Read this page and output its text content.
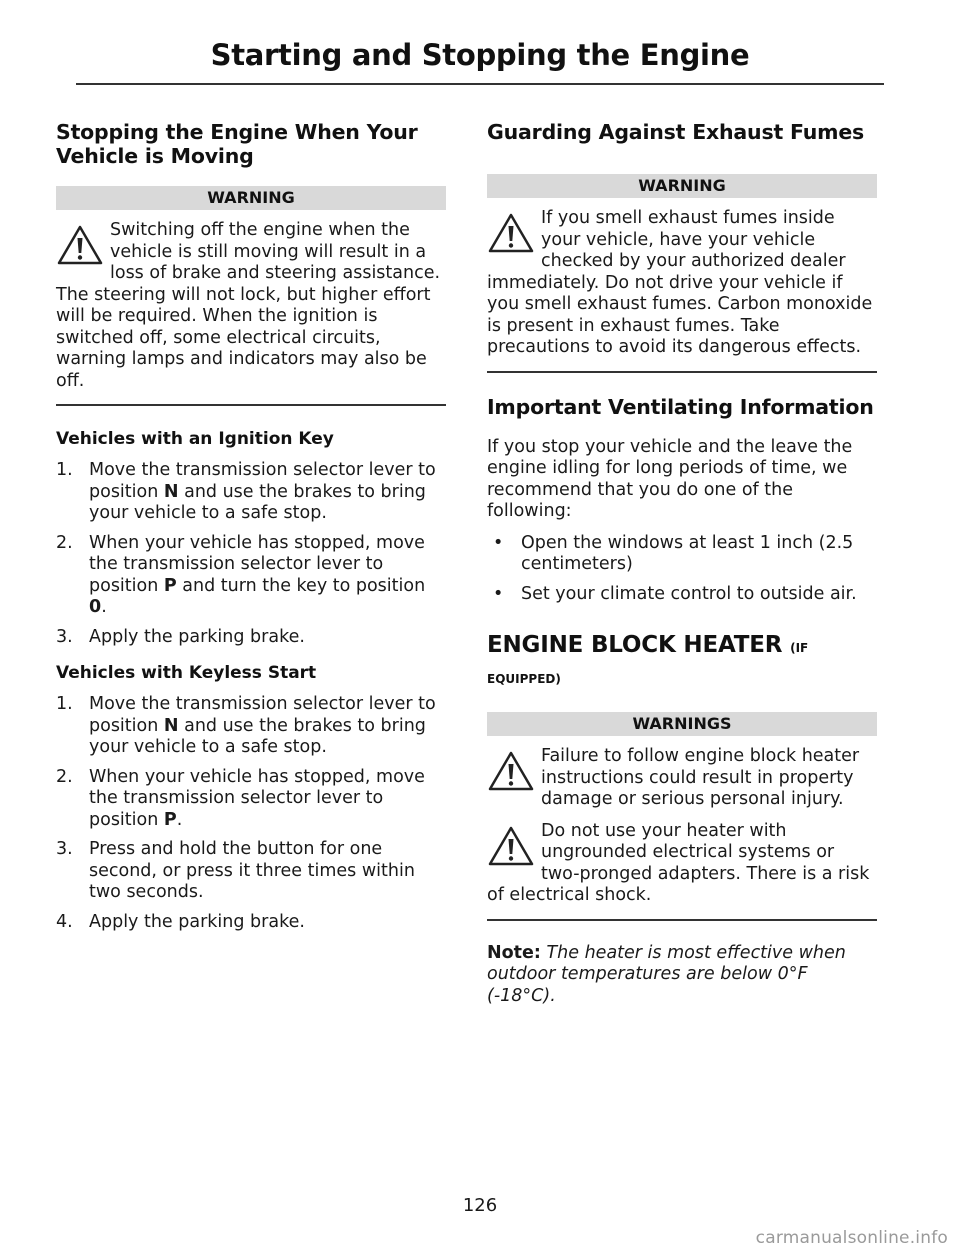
Starting and Stopping the Engine
Stopping the Engine When Your Vehicle is Moving
WARNING
Switching off the engine when the vehicle is still moving will result in a loss of brake and steering assistance. The steering will not lock, but higher effort will be required. When the ignition is switched off, some electrical circuits, warning lamps and indicators may also be off.
Vehicles with an Ignition Key
1. Move the transmission selector lever to position N and use the brakes to bring your vehicle to a safe stop.
2. When your vehicle has stopped, move the transmission selector lever to position P and turn the key to position 0.
3. Apply the parking brake.
Vehicles with Keyless Start
1. Move the transmission selector lever to position N and use the brakes to bring your vehicle to a safe stop.
2. When your vehicle has stopped, move the transmission selector lever to position P.
3. Press and hold the button for one second, or press it three times within two seconds.
4. Apply the parking brake.
Guarding Against Exhaust Fumes
WARNING
If you smell exhaust fumes inside your vehicle, have your vehicle checked by your authorized dealer immediately. Do not drive your vehicle if you smell exhaust fumes. Carbon monoxide is present in exhaust fumes. Take precautions to avoid its dangerous effects.
Important Ventilating Information
If you stop your vehicle and the leave the engine idling for long periods of time, we recommend that you do one of the following:
• Open the windows at least 1 inch (2.5 centimeters)
• Set your climate control to outside air.
ENGINE BLOCK HEATER (IF
EQUIPPED)
WARNINGS
Failure to follow engine block heater instructions could result in property damage or serious personal injury.
Do not use your heater with ungrounded electrical systems or two-pronged adapters. There is a risk of electrical shock.
Note: The heater is most effective when outdoor temperatures are below 0°F (-18°C).
126
carmanualsonline.info
